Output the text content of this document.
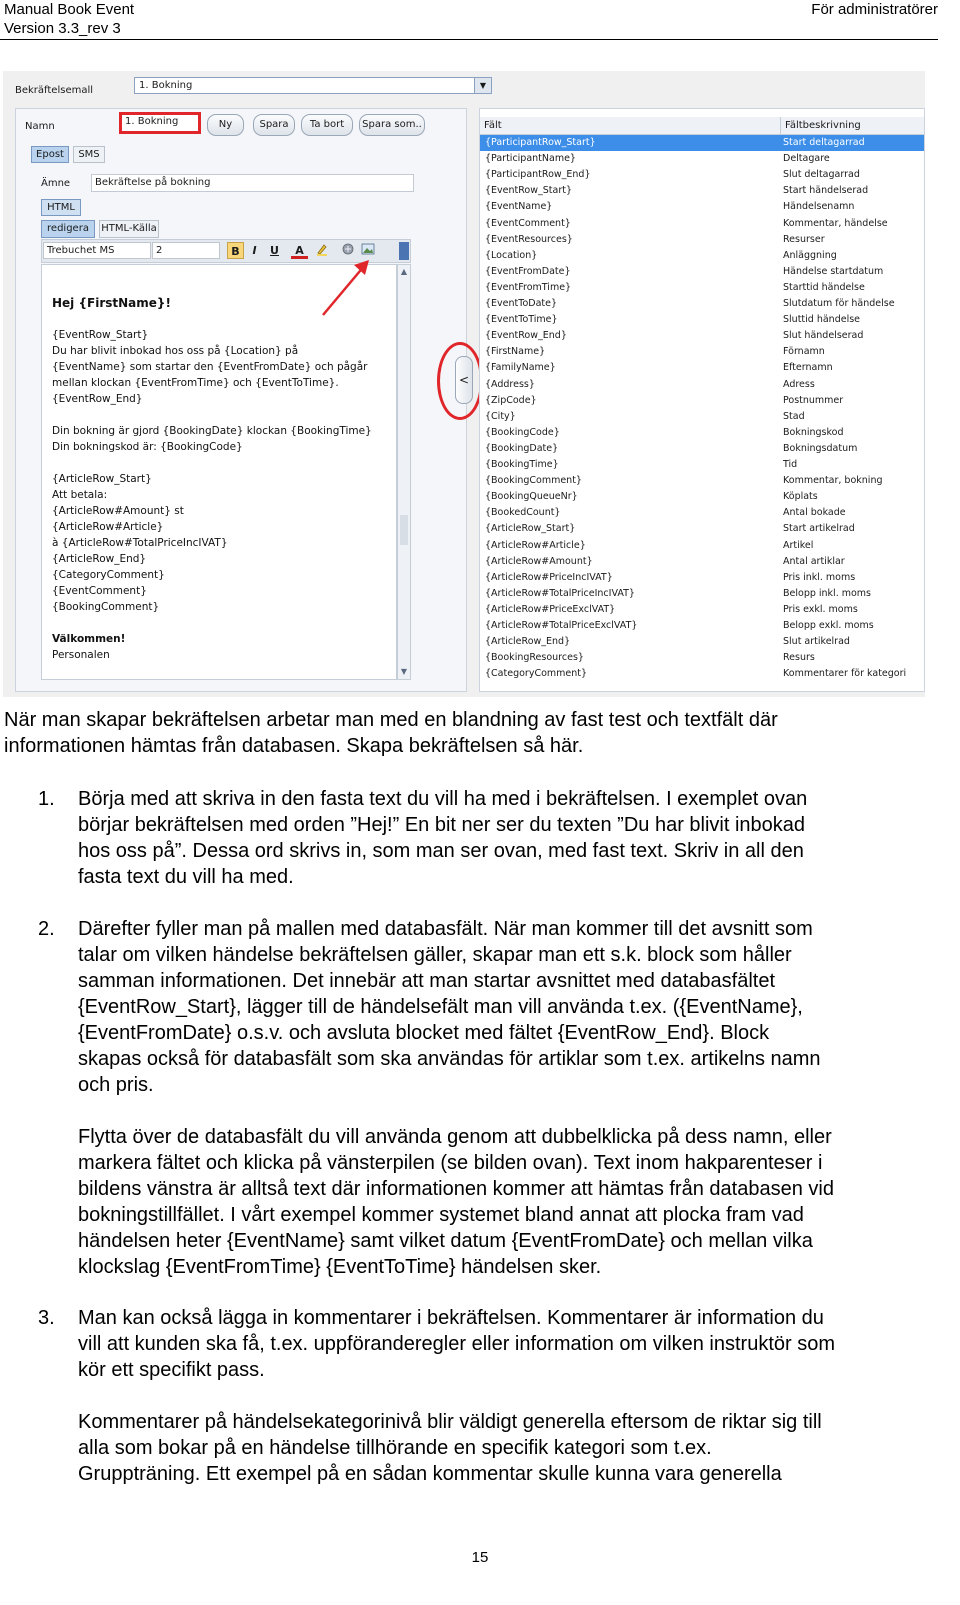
Manual Book Event
Version 3.3_rev 3
För administratörer
Bekräftelsemall	1. Bokning	▼
Namn	1. Bokning	Ny	Spara	Ta bort	Spara som..
Epost	SMS
Ämne	Bekräftelse på bokning
HTML
redigera	HTML-Källa
Trebuchet MS	2	B	I	U	A
Hej {FirstName}!
{EventRow_Start}
Du har blivit inbokad hos oss på {Location} på
{EventName} som startar den {EventFromDate} och pågår
mellan klockan {EventFromTime} och {EventToTime}.
{EventRow_End}
Din bokning är gjord {BookingDate} klockan {BookingTime}
Din bokningskod är: {BookingCode}
{ArticleRow_Start}
Att betala:
{ArticleRow#Amount} st
{ArticleRow#Article}
à {ArticleRow#TotalPriceIncIVAT}
{ArticleRow_End}
{CategoryComment}
{EventComment}
{BookingComment}
Välkommen!
Personalen
▲
▼
<
Fält	Fältbeskrivning
{ParticipantRow_Start}	Start deltagarrad
{ParticipantName}	Deltagare
{ParticipantRow_End}	Slut deltagarrad
{EventRow_Start}	Start händelserad
{EventName}	Händelsenamn
{EventComment}	Kommentar, händelse
{EventResources}	Resurser
{Location}	Anläggning
{EventFromDate}	Händelse startdatum
{EventFromTime}	Starttid händelse
{EventToDate}	Slutdatum för händelse
{EventToTime}	Sluttid händelse
{EventRow_End}	Slut händelserad
{FirstName}	Förnamn
{FamilyName}	Efternamn
{Address}	Adress
{ZipCode}	Postnummer
{City}	Stad
{BookingCode}	Bokningskod
{BookingDate}	Bokningsdatum
{BookingTime}	Tid
{BookingComment}	Kommentar, bokning
{BookingQueueNr}	Köplats
{BookedCount}	Antal bokade
{ArticleRow_Start}	Start artikelrad
{ArticleRow#Article}	Artikel
{ArticleRow#Amount}	Antal artiklar
{ArticleRow#PriceIncIVAT}	Pris inkl. moms
{ArticleRow#TotalPriceIncIVAT}	Belopp inkl. moms
{ArticleRow#PriceExclVAT}	Pris exkl. moms
{ArticleRow#TotalPriceExclVAT}	Belopp exkl. moms
{ArticleRow_End}	Slut artikelrad
{BookingResources}	Resurs
{CategoryComment}	Kommentarer för kategori
När man skapar bekräftelsen arbetar man med en blandning av fast test och textfält där
informationen hämtas från databasen. Skapa bekräftelsen så här.
1. Börja med att skriva in den fasta text du vill ha med i bekräftelsen. I exemplet ovan
börjar bekräftelsen med orden ”Hej!” En bit ner ser du texten ”Du har blivit inbokad
hos oss på”. Dessa ord skrivs in, som man ser ovan, med fast text. Skriv in all den
fasta text du vill ha med.
2. Därefter fyller man på mallen med databasfält. När man kommer till det avsnitt som
talar om vilken händelse bekräftelsen gäller, skapar man ett s.k. block som håller
samman informationen. Det innebär att man startar avsnittet med databasfältet
{EventRow_Start}, lägger till de händelsefält man vill använda t.ex. ({EventName},
{EventFromDate} o.s.v. och avsluta blocket med fältet {EventRow_End}. Block
skapas också för databasfält som ska användas för artiklar som t.ex. artikelns namn
och pris.
Flytta över de databasfält du vill använda genom att dubbelklicka på dess namn, eller
markera fältet och klicka på vänsterpilen (se bilden ovan). Text inom hakparenteser i
bildens vänstra är alltså text där informationen kommer att hämtas från databasen vid
bokningstillfället. I vårt exempel kommer systemet bland annat att plocka fram vad
händelsen heter {EventName} samt vilket datum {EventFromDate} och mellan vilka
klockslag {EventFromTime} {EventToTime} händelsen sker.
3. Man kan också lägga in kommentarer i bekräftelsen. Kommentarer är information du
vill att kunden ska få, t.ex. uppföranderegler eller information om vilken instruktör som
kör ett specifikt pass.
Kommentarer på händelsekategorinivå blir väldigt generella eftersom de riktar sig till
alla som bokar på en händelse tillhörande en specifik kategori som t.ex.
Gruppträning. Ett exempel på en sådan kommentar skulle kunna vara generella
15
